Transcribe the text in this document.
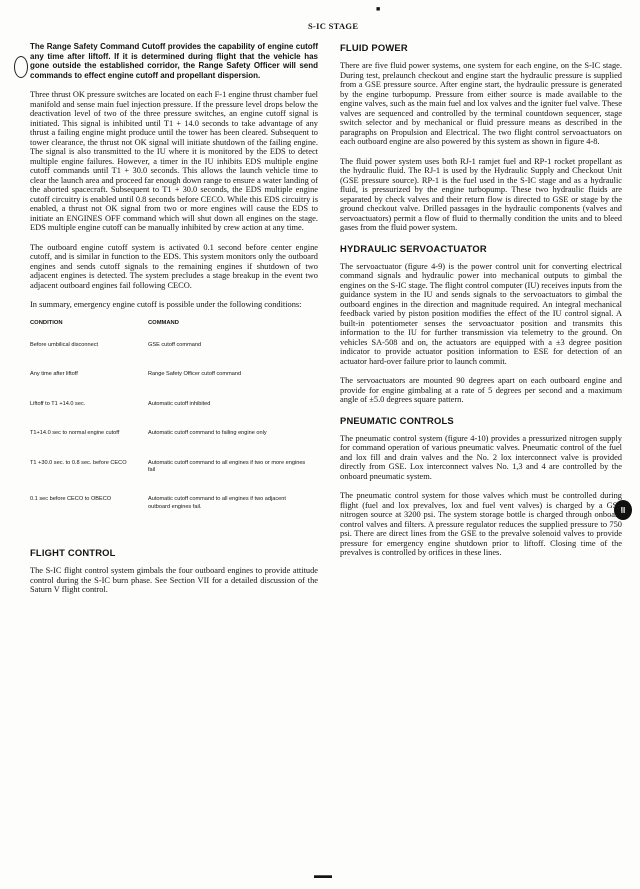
■
S-IC STAGE
II

The Range Safety Command Cutoff provides the capability of engine cutoff any time after liftoff. If it is determined during flight that the vehicle has gone outside the established corridor, the Range Safety Officer will send commands to effect engine cutoff and propellant dispersion.

Three thrust OK pressure switches are located on each F-1 engine thrust chamber fuel manifold and sense main fuel injection pressure. If the pressure level drops below the deactivation level of two of the three pressure switches, an engine cutoff signal is initiated. This signal is inhibited until T1 + 14.0 seconds to take advantage of any thrust a failing engine might produce until the tower has been cleared. Subsequent to tower clearance, the thrust not OK signal will initiate shutdown of the failing engine. The signal is also transmitted to the IU where it is monitored by the EDS to detect multiple engine failures. However, a timer in the IU inhibits EDS multiple engine cutoff commands until T1 + 30.0 seconds. This allows the launch vehicle time to clear the launch area and proceed far enough down range to ensure a water landing of the aborted spacecraft. Subsequent to T1 + 30.0 seconds, the EDS multiple engine cutoff circuitry is enabled until 0.8 seconds before CECO. While this EDS circuitry is enabled, a thrust not OK signal from two or more engines will cause the EDS to initiate an ENGINES OFF command which will shut down all engines on the stage. EDS multiple engine cutoff can be manually inhibited by crew action at any time.

The outboard engine cutoff system is activated 0.1 second before center engine cutoff, and is similar in function to the EDS. This system monitors only the outboard engines and sends cutoff signals to the remaining engines if shutdown of two adjacent engines is detected. The system precludes a stage breakup in the event two adjacent outboard engines fail following CECO.

In summary, emergency engine cutoff is possible under the following conditions:

CONDITION	COMMAND
Before umbilical disconnect	GSE cutoff command
Any time after liftoff	Range Safety Officer cutoff command
Liftoff to T1 +14.0 sec.	Automatic cutoff inhibited
T1+14.0 sec to normal engine cutoff	Automatic cutoff command to failing engine only
T1 +30.0 sec. to 0.8 sec. before CECO	Automatic cutoff command to all engines if two or more engines fail
0.1 sec before CECO to OBECO	Automatic cutoff command to all engines if two adjacent outboard engines fail.
FLIGHT CONTROL

The S-IC flight control system gimbals the four outboard engines to provide attitude control during the S-IC burn phase. See Section VII for a detailed discussion of the Saturn V flight control.

FLUID POWER

There are five fluid power systems, one system for each engine, on the S-IC stage. During test, prelaunch checkout and engine start the hydraulic pressure is supplied from a GSE pressure source. After engine start, the hydraulic pressure is generated by the engine turbopump. Pressure from either source is made available to the engine valves, such as the main fuel and lox valves and the igniter fuel valve. These valves are sequenced and controlled by the terminal countdown sequencer, stage switch selector and by mechanical or fluid pressure means as described in the paragraphs on Propulsion and Electrical. The two flight control servoactuators on each outboard engine are also powered by this system as shown in figure 4-8.

The fluid power system uses both RJ-1 ramjet fuel and RP-1 rocket propellant as the hydraulic fluid. The RJ-1 is used by the Hydraulic Supply and Checkout Unit (GSE pressure source). RP-1 is the fuel used in the S-IC stage and as a hydraulic fluid, is pressurized by the engine turbopump. These two hydraulic fluids are separated by check valves and their return flow is directed to GSE or stage by the ground checkout valve. Drilled passages in the hydraulic components (valves and servoactuators) permit a flow of fluid to thermally condition the units and to bleed gases from the fluid power system.

HYDRAULIC SERVOACTUATOR

The servoactuator (figure 4-9) is the power control unit for converting electrical command signals and hydraulic power into mechanical outputs to gimbal the engines on the S-IC stage. The flight control computer (IU) receives inputs from the guidance system in the IU and sends signals to the servoactuators to gimbal the outboard engines in the direction and magnitude required. An integral mechanical feedback varied by piston position modifies the effect of the IU control signal. A built-in potentiometer senses the servoactuator position and transmits this information to the IU for further transmission via telemetry to the ground. On vehicles SA-508 and on, the actuators are equipped with a ±3 degree position indicator to provide actuator position information to ESE for detection of an actuator hard-over failure prior to launch commit.

The servoactuators are mounted 90 degrees apart on each outboard engine and provide for engine gimbaling at a rate of 5 degrees per second and a maximum angle of ±5.0 degrees square pattern.

PNEUMATIC CONTROLS

The pneumatic control system (figure 4-10) provides a pressurized nitrogen supply for command operation of various pneumatic valves. Pneumatic control of the fuel and lox fill and drain valves and the No. 2 lox interconnect valve is provided directly from GSE. Lox interconnect valves No. 1,3 and 4 are controlled by the onboard pneumatic system.

The pneumatic control system for those valves which must be controlled during flight (fuel and lox prevalves, lox and fuel vent valves) is charged by a GSF nitrogen source at 3200 psi. The system storage bottle is charged through onboard control valves and filters. A pressure regulator reduces the supplied pressure to 750 psi. There are direct lines from the GSE to the prevalve solenoid valves to provide pressure for emergency engine shutdown prior to liftoff. Closing time of the prevalves is controlled by orifices in these lines.

▬▬
